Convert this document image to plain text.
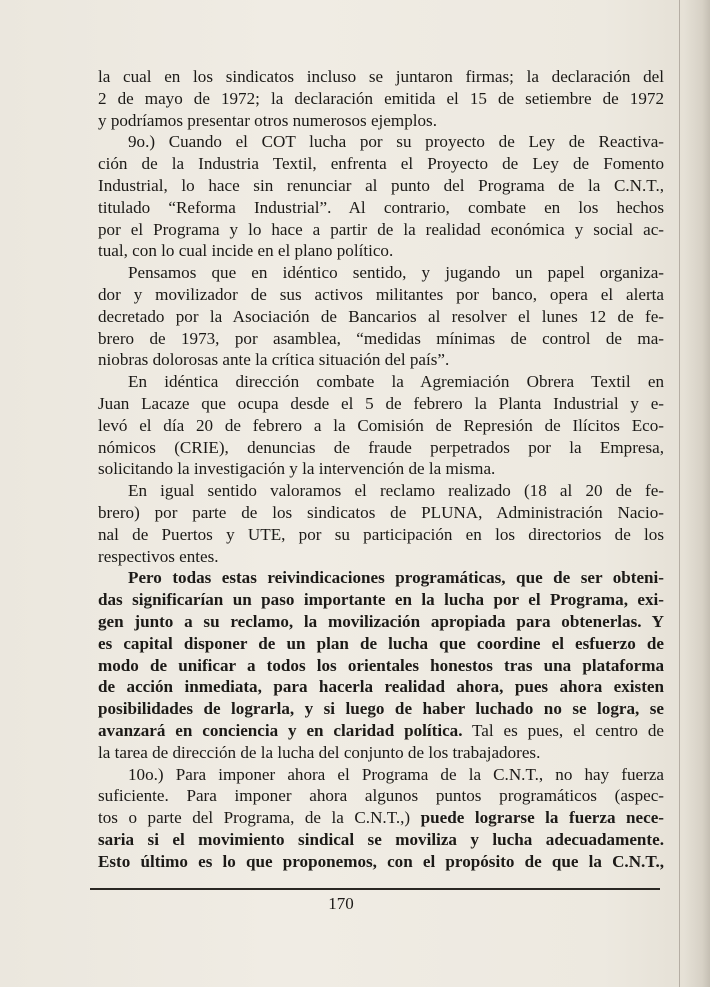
la cual en los sindicatos incluso se juntaron firmas; la declaración del
2 de mayo de 1972; la declaración emitida el 15 de setiembre de 1972
y podríamos presentar otros numerosos ejemplos.

9o.) Cuando el COT lucha por su proyecto de Ley de Reactiva-
ción de la Industria Textil, enfrenta el Proyecto de Ley de Fomento
Industrial, lo hace sin renunciar al punto del Programa de la C.N.T.,
titulado “Reforma Industrial”. Al contrario, combate en los hechos
por el Programa y lo hace a partir de la realidad económica y social ac-
tual, con lo cual incide en el plano político.

Pensamos que en idéntico sentido, y jugando un papel organiza-
dor y movilizador de sus activos militantes por banco, opera el alerta
decretado por la Asociación de Bancarios al resolver el lunes 12 de fe-
brero de 1973, por asamblea, “medidas mínimas de control de ma-
niobras dolorosas ante la crítica situación del país”.

En idéntica dirección combate la Agremiación Obrera Textil en
Juan Lacaze que ocupa desde el 5 de febrero la Planta Industrial y e-
levó el día 20 de febrero a la Comisión de Represión de Ilícitos Eco-
nómicos (CRIE), denuncias de fraude perpetrados por la Empresa,
solicitando la investigación y la intervención de la misma.

En igual sentido valoramos el reclamo realizado (18 al 20 de fe-
brero) por parte de los sindicatos de PLUNA, Administración Nacio-
nal de Puertos y UTE, por su participación en los directorios de los
respectivos entes.

Pero todas estas reivindicaciones programáticas, que de ser obteni-
das significarían un paso importante en la lucha por el Programa, exi-
gen junto a su reclamo, la movilización apropiada para obtenerlas. Y
es capital disponer de un plan de lucha que coordine el esfuerzo de
modo de unificar a todos los orientales honestos tras una plataforma
de acción inmediata, para hacerla realidad ahora, pues ahora existen
posibilidades de lograrla, y si luego de haber luchado no se logra, se
avanzará en conciencia y en claridad política. Tal es pues, el centro de
la tarea de dirección de la lucha del conjunto de los trabajadores.

10o.) Para imponer ahora el Programa de la C.N.T., no hay fuerza
suficiente. Para imponer ahora algunos puntos programáticos (aspec-
tos o parte del Programa, de la C.N.T.,) puede lograrse la fuerza nece-
saria si el movimiento sindical se moviliza y lucha adecuadamente.
Esto último es lo que proponemos, con el propósito de que la C.N.T.,

170
